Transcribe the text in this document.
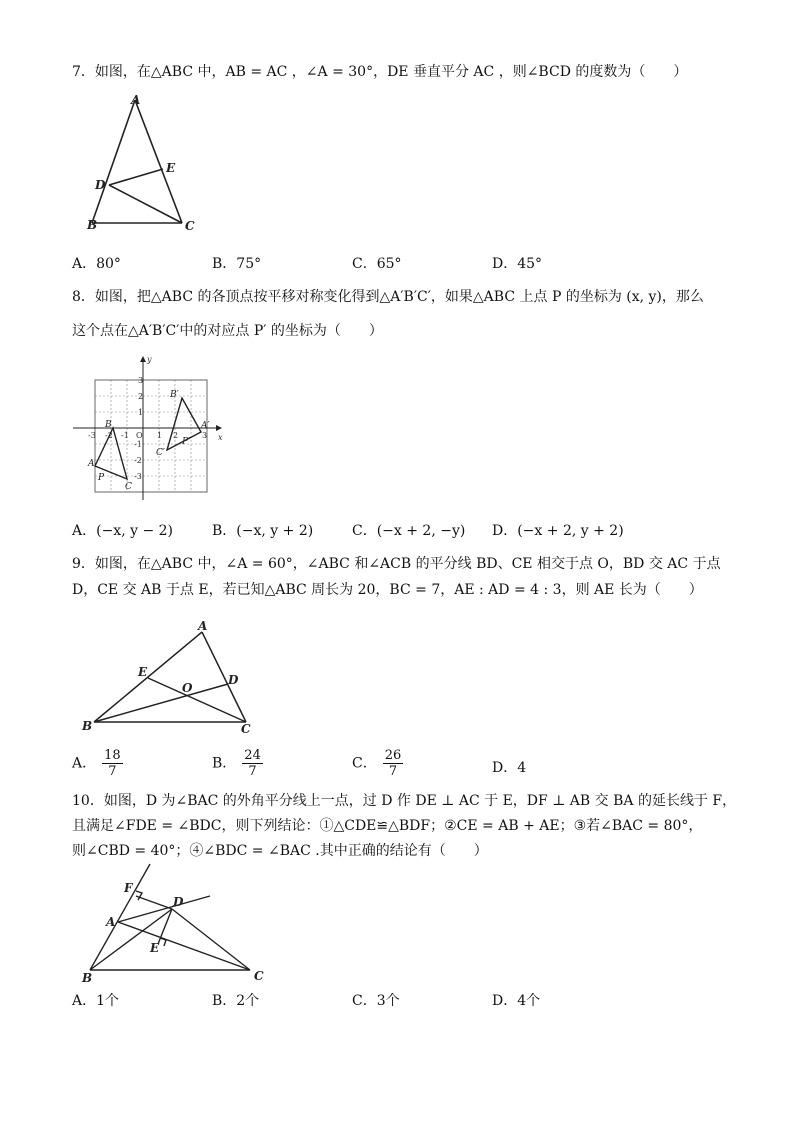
7．如图，在△ABC 中，AB = AC ，∠A = 30°，DE 垂直平分 AC ，则∠BCD 的度数为（　　）
A
B	C
D
E
A．80°	B．75°	C．65°	D．45°
8．如图，把△ABC 的各顶点按平移对称变化得到△A′B′C′，如果△ABC 上点 P 的坐标为 (x, y)，那么
这个点在△A′B′C′中的对应点 P′ 的坐标为（　　）
x
y
O
-3 -2 -1	1 2	3
3
2
1
-1
-2
-3
A
B
C
P
A′
B′
C′
P′
A．(−x, y − 2)	B．(−x, y + 2)	C．(−x + 2, −y) D．(−x + 2, y + 2)
9．如图，在△ABC 中，∠A = 60°，∠ABC 和∠ACB 的平分线 BD、CE 相交于点 O，BD 交 AC 于点
D，CE 交 AB 于点 E，若已知△ABC 周长为 20，BC = 7，AE : AD = 4 : 3，则 AE 长为（　　）
A
B	C
D
E
O
A． $\frac{18}{7}$	B． $\frac{24}{7}$	C． $\frac{26}{7}$	D．4
10．如图，D 为∠BAC 的外角平分线上一点，过 D 作 DE ⊥ AC 于 E，DF ⊥ AB 交 BA 的延长线于 F，
且满足∠FDE = ∠BDC，则下列结论：①△CDE≌△BDF；②CE = AB + AE；③若∠BAC = 80°，
则∠CBD = 40°；④∠BDC = ∠BAC .其中正确的结论有（　　）
A
B	C
D
E
F
A．1个	B．2个	C．3个	D．4个
